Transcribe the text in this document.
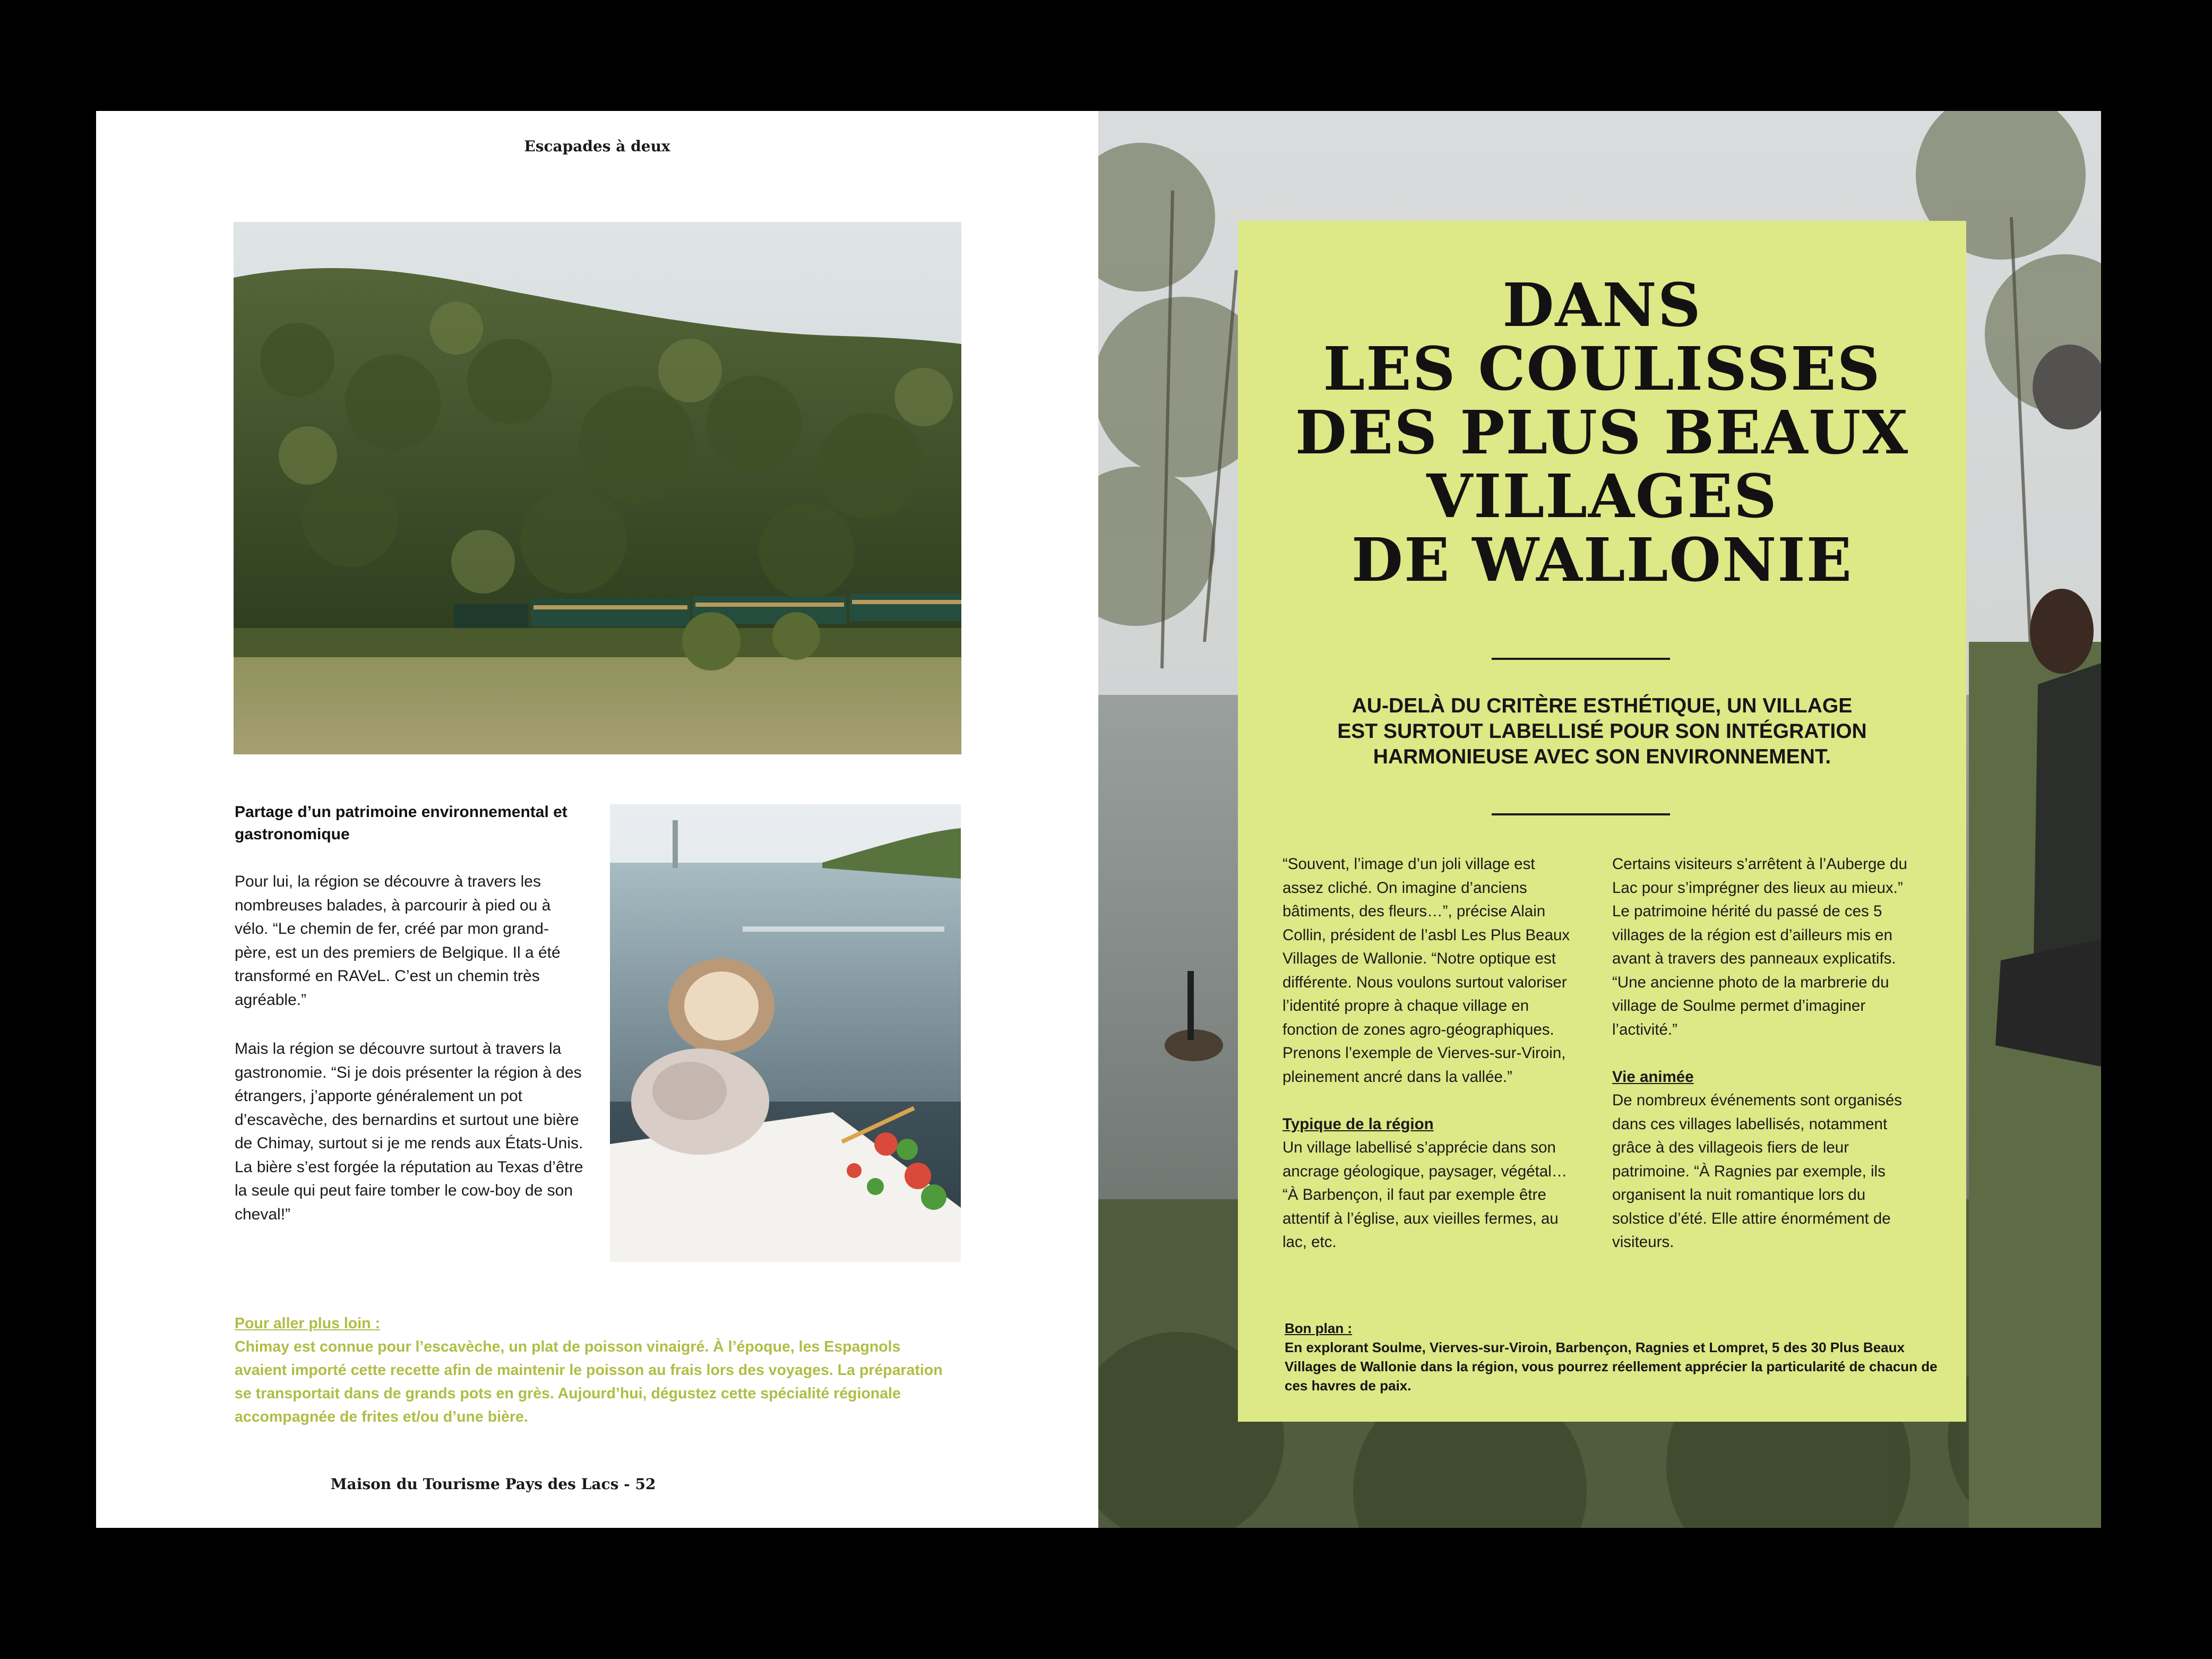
Escapades à deux
Partage d’un patrimoine environnemental et gastronomique

Pour lui, la région se découvre à travers les nombreuses balades, à parcourir à pied ou à vélo. “Le chemin de fer, créé par mon grand-père, est un des premiers de Belgique. Il a été transformé en RAVeL. C’est un chemin très agréable.”

Mais la région se découvre surtout à travers la gastronomie. “Si je dois présenter la région à des étrangers, j’apporte généralement un pot d’escavèche, des bernardins et surtout une bière de Chimay, surtout si je me rends aux États-Unis. La bière s’est forgée la réputation au Texas d’être la seule qui peut faire tomber le cow-boy de son cheval!”

Pour aller plus loin :
Chimay est connue pour l’escavèche, un plat de poisson vinaigré. À l’époque, les Espagnols avaient importé cette recette afin de maintenir le poisson au frais lors des voyages. La préparation se transportait dans de grands pots en grès. Aujourd’hui, dégustez cette spécialité régionale accompagnée de frites et/ou d’une bière.
Maison du Tourisme Pays des Lacs - 52
DANS
LES COULISSES
DES PLUS BEAUX
VILLAGES
DE WALLONIE
AU-DELÀ DU CRITÈRE ESTHÉTIQUE, UN VILLAGE
EST SURTOUT LABELLISÉ POUR SON INTÉGRATION
HARMONIEUSE AVEC SON ENVIRONNEMENT.

“Souvent, l’image d’un joli village est assez cliché. On imagine d’anciens bâtiments, des fleurs…”, précise Alain Collin, président de l’asbl Les Plus Beaux Villages de Wallonie. “Notre optique est différente. Nous voulons surtout valoriser l’identité propre à chaque village en fonction de zones agro-géographiques. Prenons l’exemple de Vierves-sur-Viroin, pleinement ancré dans la vallée.”

Typique de la région

Un village labellisé s’apprécie dans son ancrage géologique, paysager, végétal… “À Barbençon, il faut par exemple être attentif à l’église, aux vieilles fermes, au lac, etc.

Certains visiteurs s’arrêtent à l’Auberge du Lac pour s’imprégner des lieux au mieux.” Le patrimoine hérité du passé de ces 5 villages de la région est d’ailleurs mis en avant à travers des panneaux explicatifs. “Une ancienne photo de la marbrerie du village de Soulme permet d’imaginer l’activité.”

Vie animée

De nombreux événements sont organisés dans ces villages labellisés, notamment grâce à des villageois fiers de leur patrimoine. “À Ragnies par exemple, ils organisent la nuit romantique lors du solstice d’été. Elle attire énormément de visiteurs.

Bon plan :
En explorant Soulme, Vierves-sur-Viroin, Barbençon, Ragnies et Lompret, 5 des 30 Plus Beaux Villages de Wallonie dans la région, vous pourrez réellement apprécier la particularité de chacun de ces havres de paix.
